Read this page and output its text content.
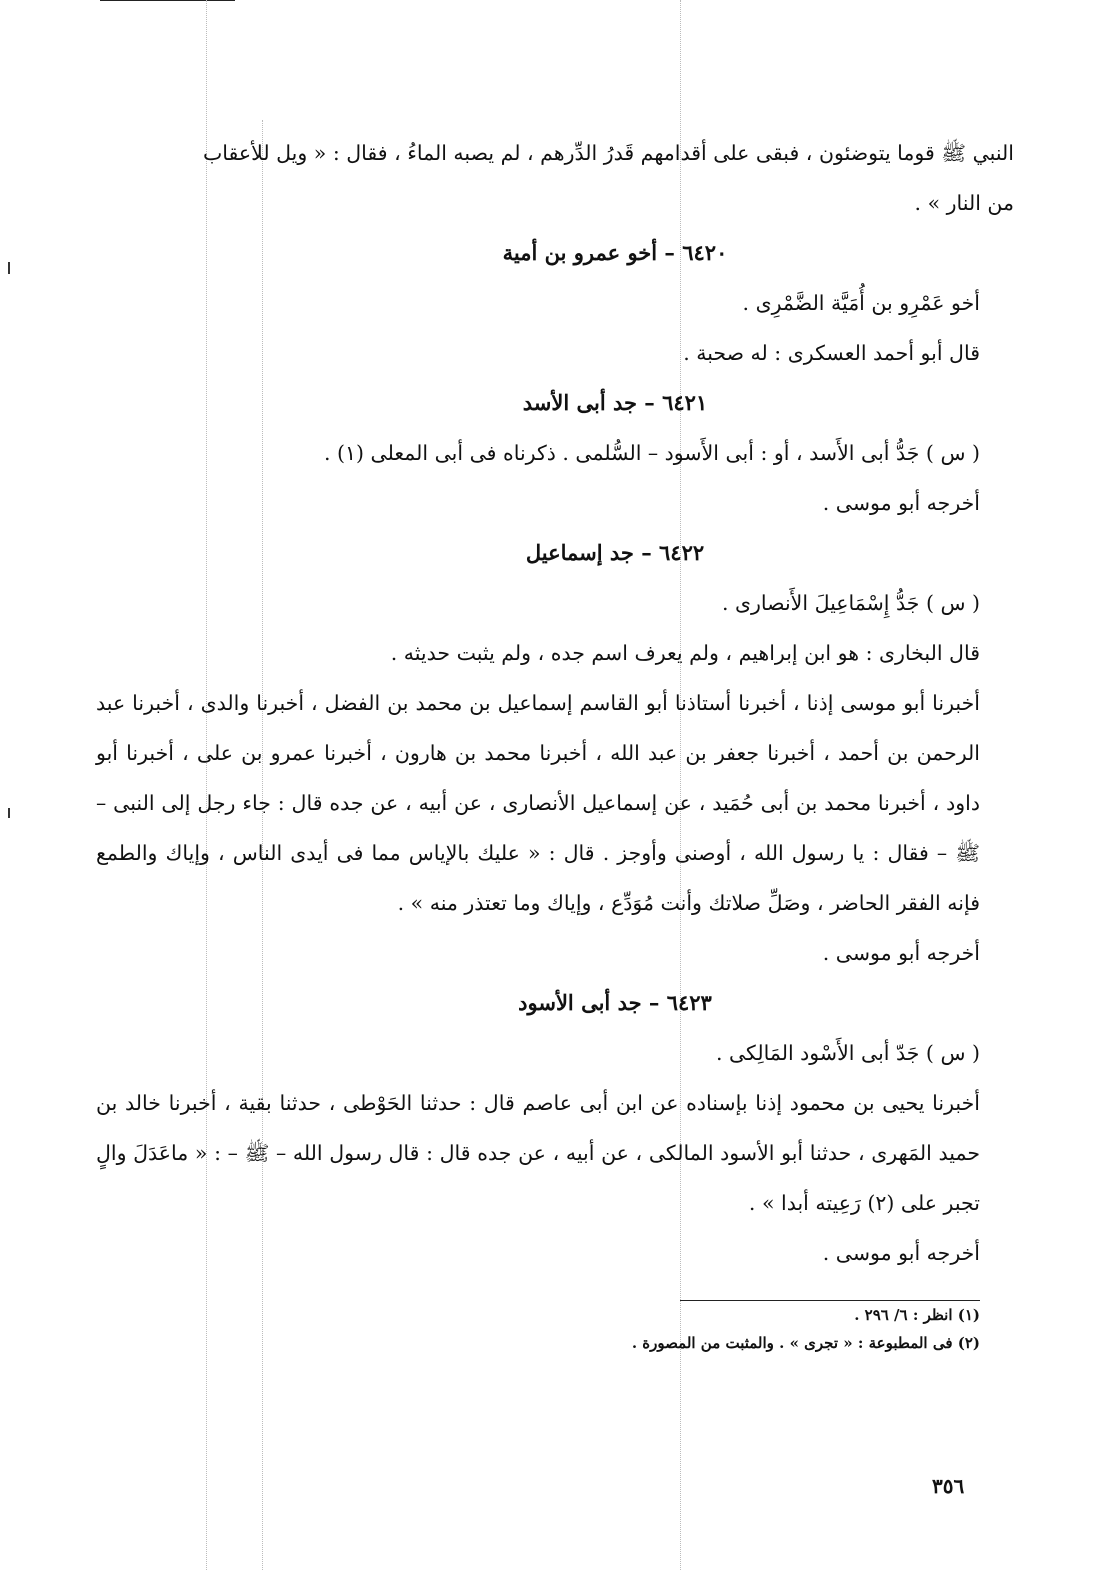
النبي ﷺ قوما يتوضئون ، فبقى على أقدامهم قَدرُ الدِّرهم ، لم يصبه الماءُ ، فقال : « ويل للأعقاب
من النار » .
٦٤٢٠ – أخو عمرو بن أمية
أخو عَمْرِو بن أُمَيَّة الضَّمْرِى .
قال أبو أحمد العسكرى : له صحبة .
٦٤٢١ – جد أبى الأسد
( س ) جَدُّ أبى الأَسد ، أو : أبى الأَسود – السُّلمى . ذكرناه فى أبى المعلى (١) .
أخرجه أبو موسى .
٦٤٢٢ – جد إسماعيل
( س ) جَدُّ إِسْمَاعِيلَ الأَنصارى .
قال البخارى : هو ابن إبراهيم ، ولم يعرف اسم جده ، ولم يثبت حديثه .
أخبرنا أبو موسى إذنا ، أخبرنا أستاذنا أبو القاسم إسماعيل بن محمد بن الفضل ، أخبرنا والدى ، أخبرنا عبد الرحمن بن أحمد ، أخبرنا جعفر بن عبد الله ، أخبرنا محمد بن هارون ، أخبرنا عمرو بن على ، أخبرنا أبو داود ، أخبرنا محمد بن أبى حُمَيد ، عن إسماعيل الأنصارى ، عن أبيه ، عن جده قال : جاء رجل إلى النبى – ﷺ – فقال : يا رسول الله ، أوصنى وأوجز . قال : « عليك بالإياس مما فى أيدى الناس ، وإياك والطمع فإنه الفقر الحاضر ، وصَلِّ صلاتك وأنت مُوَدِّع ، وإياك وما تعتذر منه » .
أخرجه أبو موسى .
٦٤٢٣ – جد أبى الأسود
( س ) جَدّ أبى الأَسْود المَالِكى .
أخبرنا يحيى بن محمود إذنا بإسناده عن ابن أبى عاصم قال : حدثنا الحَوْطى ، حدثنا بقية ، أخبرنا خالد بن حميد المَهرى ، حدثنا أبو الأسود المالكى ، عن أبيه ، عن جده قال : قال رسول الله – ﷺ – : « ماعَدَلَ والٍ تجبر على (٢) رَعِيته أبدا » .
أخرجه أبو موسى .
(١) انظر : ٦/ ٢٩٦ .
(٢) فى المطبوعة : « تجرى » . والمثبت من المصورة .
٣٥٦
